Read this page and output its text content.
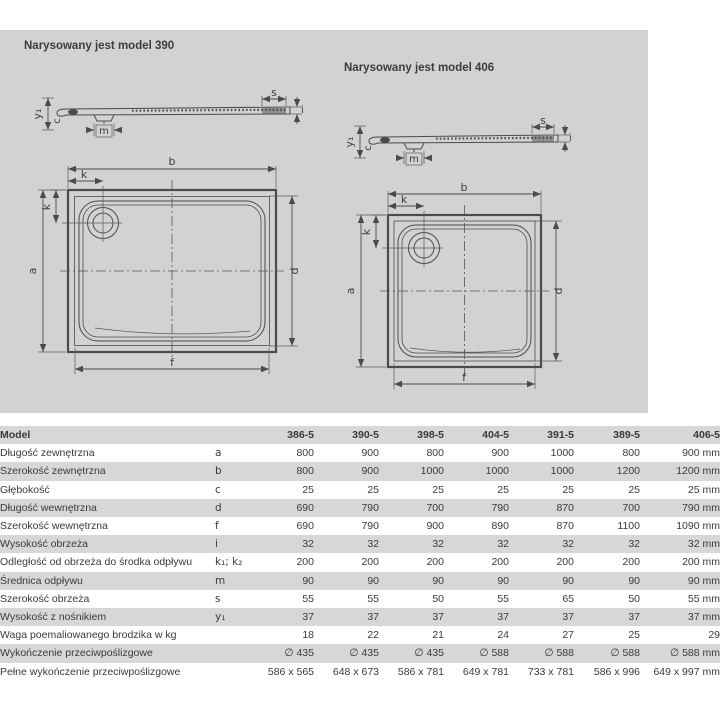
Narysowany jest model 390
Narysowany jest model 406
s
i
y₁
c
m
b
k
k
a	d
f
s
i
y₁
c
m
b
k
k
a	d
f
Model		386-5	390-5	398-5	404-5	391-5	389-5	406-5
Długość zewnętrzna	a	800	900	800	900	1000	800	900 mm
Szerokość zewnętrzna	b	800	900	1000	1000	1000	1200	1200 mm
Głębokość	c	25	25	25	25	25	25	25 mm
Długość wewnętrzna	d	690	790	700	790	870	700	790 mm
Szerokość wewnętrzna	f	690	790	900	890	870	1100	1090 mm
Wysokość obrzeża	i	32	32	32	32	32	32	32 mm
Odległość od obrzeża do środka odpływu	k₁; k₂	200	200	200	200	200	200	200 mm
Średnica odpływu	m	90	90	90	90	90	90	90 mm
Szerokość obrzeża	s	55	55	50	55	65	50	55 mm
Wysokość z nośnikiem	y₁	37	37	37	37	37	37	37 mm
Waga poemaliowanego brodzika w kg		18	22	21	24	27	25	29
Wykończenie przeciwpoślizgowe		∅ 435	∅ 435	∅ 435	∅ 588	∅ 588	∅ 588	∅ 588 mm
Pełne wykończenie przeciwpoślizgowe		586 x 565	648 x 673	586 x 781	649 x 781	733 x 781	586 x 996	649 x 997 mm
